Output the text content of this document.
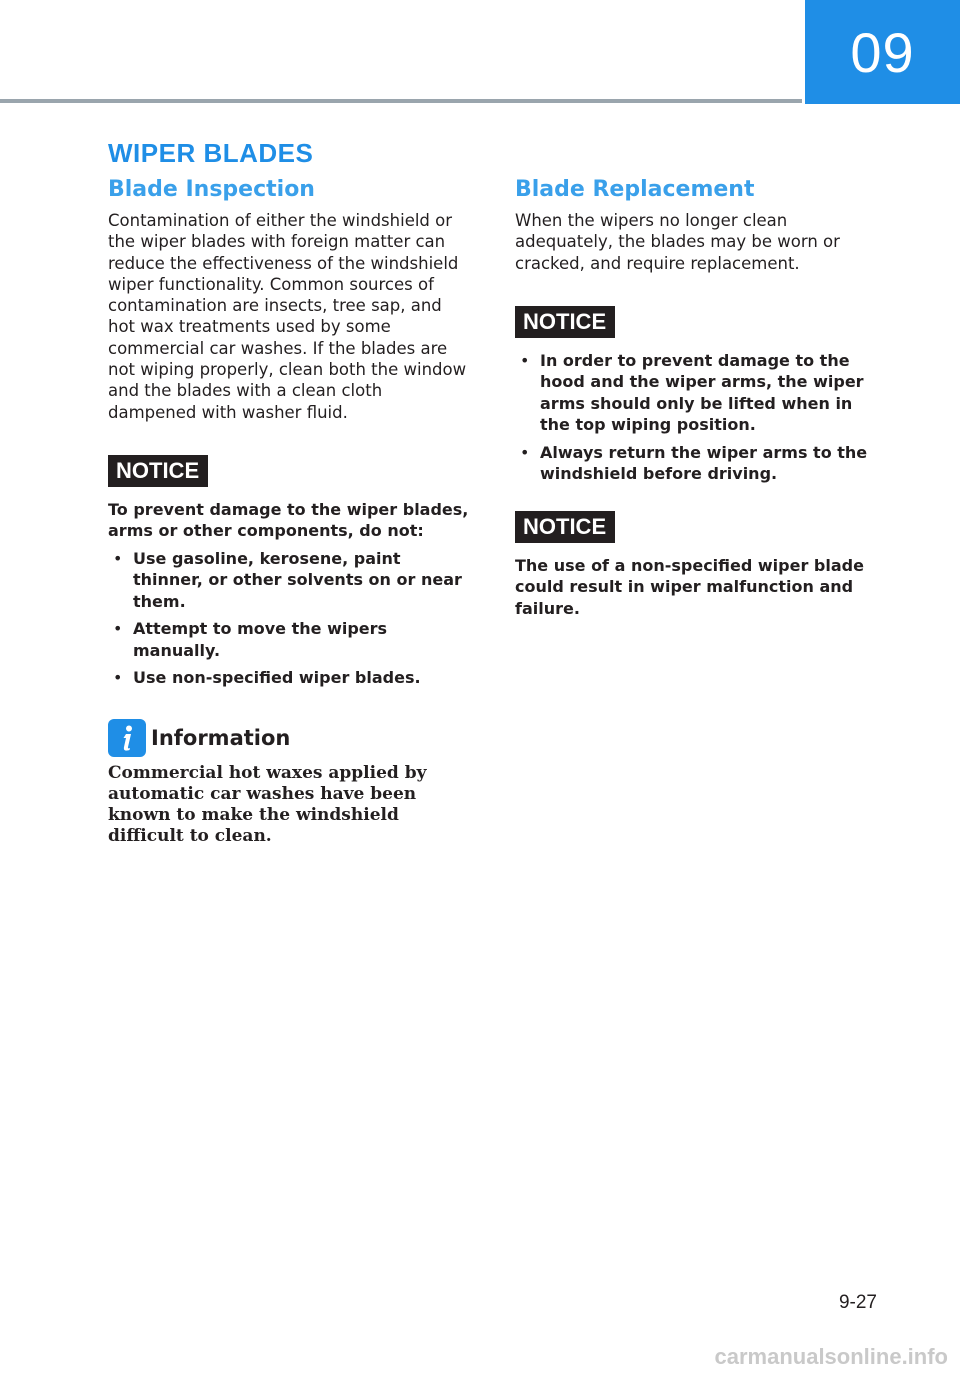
09
WIPER BLADES
Blade Inspection

Contamination of either the windshield or the wiper blades with foreign matter can reduce the effectiveness of the windshield wiper functionality. Common sources of contamination are insects, tree sap, and hot wax treatments used by some commercial car washes. If the blades are not wiping properly, clean both the window and the blades with a clean cloth dampened with washer fluid.

NOTICE

To prevent damage to the wiper blades, arms or other components, do not:

• Use gasoline, kerosene, paint thinner, or other solvents on or near them.
• Attempt to move the wipers manually.
• Use non-specified wiper blades.
Information

Commercial hot waxes applied by automatic car washes have been known to make the windshield difficult to clean.

Blade Replacement

When the wipers no longer clean adequately, the blades may be worn or cracked, and require replacement.

NOTICE
• In order to prevent damage to the hood and the wiper arms, the wiper arms should only be lifted when in the top wiping position.
• Always return the wiper arms to the windshield before driving.
NOTICE

The use of a non-specified wiper blade could result in wiper malfunction and failure.

9-27
carmanualsonline.info
